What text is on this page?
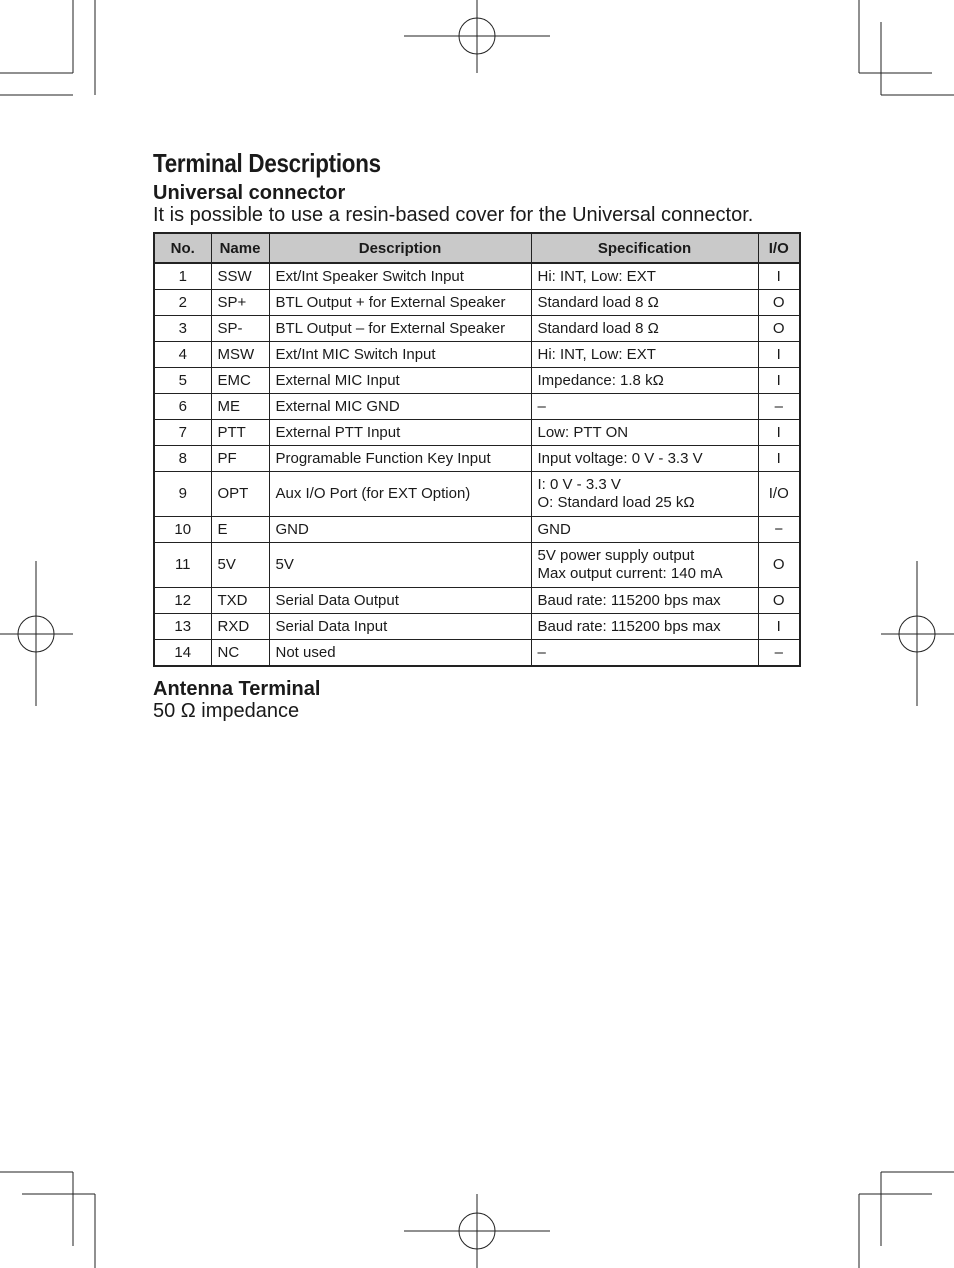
Terminal Descriptions
Universal connector

It is possible to use a resin-based cover for the Universal connector.

No.	Name	Description	Specification	I/O
1	SSW	Ext/Int Speaker Switch Input	Hi: INT, Low: EXT	I
2	SP+	BTL Output + for External Speaker	Standard load 8 Ω	O
3	SP-	BTL Output – for External Speaker	Standard load 8 Ω	O
4	MSW	Ext/Int MIC Switch Input	Hi: INT, Low: EXT	I
5	EMC	External MIC Input	Impedance: 1.8 kΩ	I
6	ME	External MIC GND	–	–
7	PTT	External PTT Input	Low: PTT ON	I
8	PF	Programable Function Key Input	Input voltage: 0 V - 3.3 V	I
9	OPT	Aux I/O Port (for EXT Option)	I: 0 V - 3.3 V
O: Standard load 25 kΩ	I/O
10	E	GND	GND	−
11	5V	5V	5V power supply output
Max output current: 140 mA	O
12	TXD	Serial Data Output	Baud rate: 115200 bps max	O
13	RXD	Serial Data Input	Baud rate: 115200 bps max	I
14	NC	Not used	–	–
Antenna Terminal

50 Ω impedance
